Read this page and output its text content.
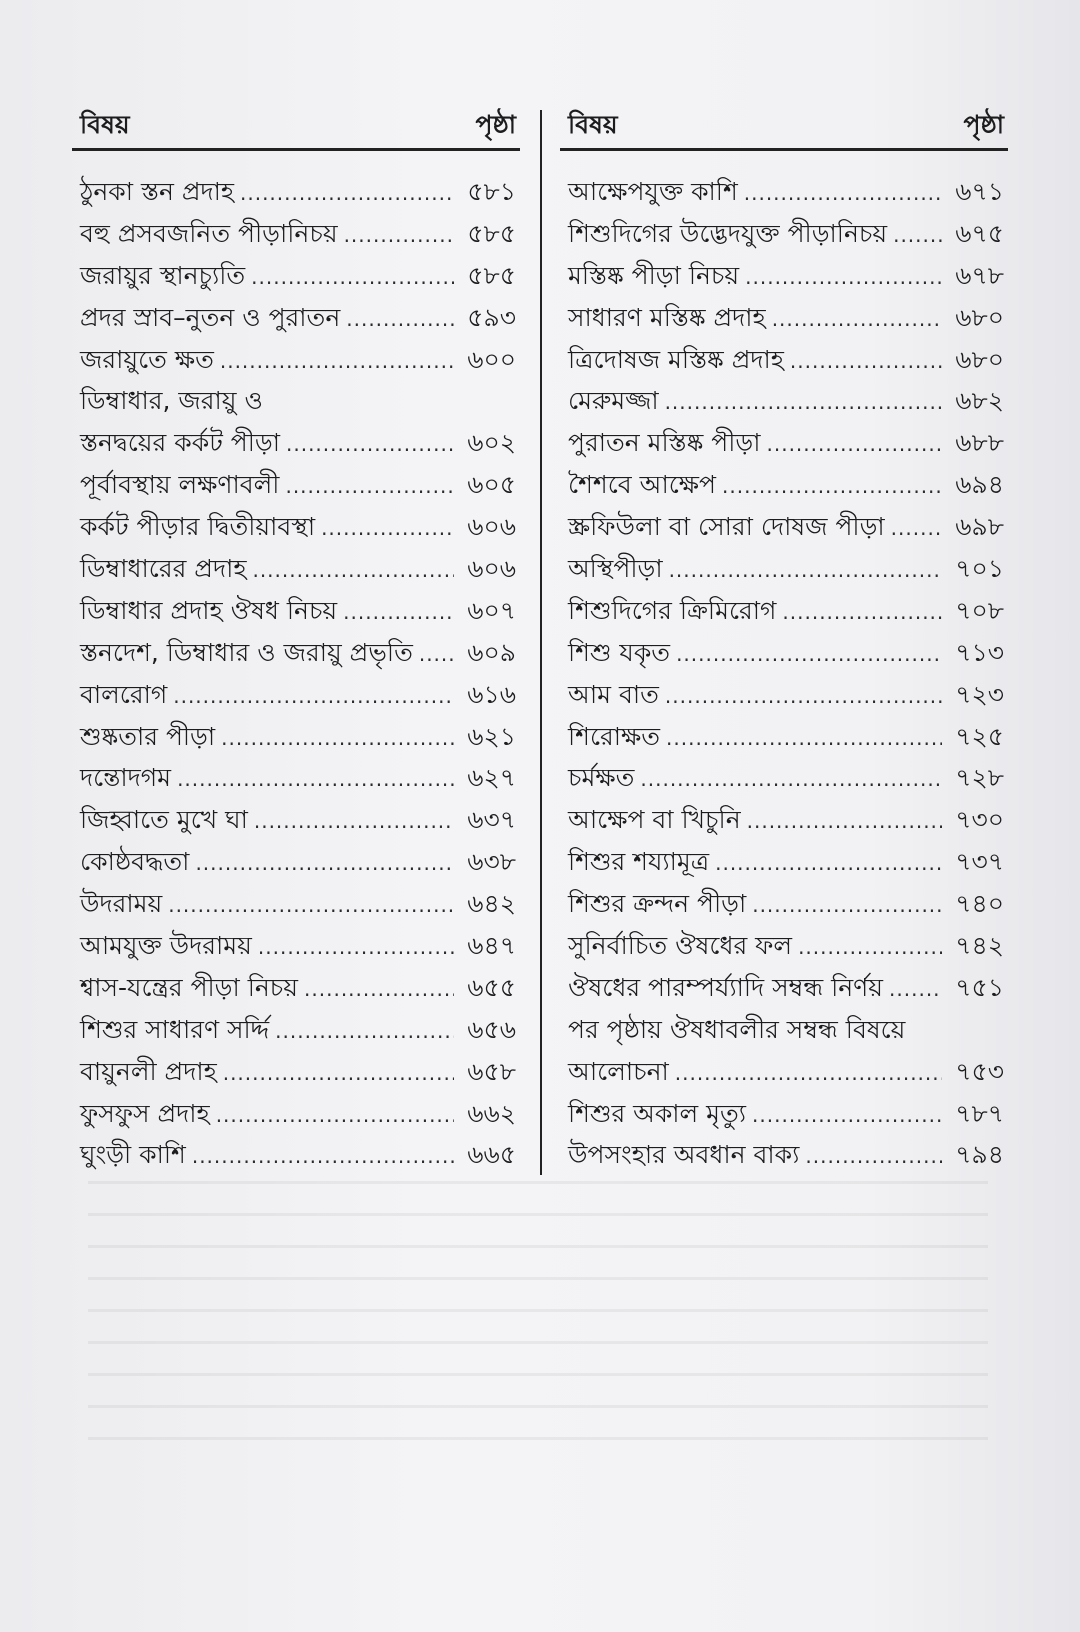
বিষয়	পৃষ্ঠা
ঠুনকা স্তন প্রদাহ .....	৫৮১
বহু প্রসবজনিত পীড়ানিচয় .....	৫৮৫
জরায়ুর স্থানচ্যুতি .....	৫৮৫
প্রদর স্রাব–নুতন ও পুরাতন .....	৫৯৩
জরায়ুতে ক্ষত .....	৬০০
ডিম্বাধার, জরায়ু ও
স্তনদ্বয়ের কর্কট পীড়া .....	৬০২
পূর্বাবস্থায় লক্ষণাবলী .....	৬০৫
কর্কট পীড়ার দ্বিতীয়াবস্থা .....	৬০৬
ডিম্বাধারের প্রদাহ .....	৬০৬
ডিম্বাধার প্রদাহ ঔষধ নিচয় .....	৬০৭
স্তনদেশ, ডিম্বাধার ও জরায়ু প্রভৃতি ..... ৬০৯
বালরোগ .....	৬১৬
শুষ্কতার পীড়া .....	৬২১
দন্তোদগম .....	৬২৭
জিহ্বাতে মুখে ঘা .....	৬৩৭
কোষ্ঠবদ্ধতা .....	৬৩৮
উদরাময় .....	৬৪২
আমযুক্ত উদরাময় .....	৬৪৭
শ্বাস-যন্ত্রের পীড়া নিচয় .....	৬৫৫
শিশুর সাধারণ সর্দ্দি .....	৬৫৬
বায়ুনলী প্রদাহ .....	৬৫৮
ফুসফুস প্রদাহ .....	৬৬২
ঘুংড়ী কাশি .....	৬৬৫
বিষয়	পৃষ্ঠা
আক্ষেপযুক্ত কাশি .....	৬৭১
শিশুদিগের উদ্ভেদযুক্ত পীড়ানিচয় .....	৬৭৫
মস্তিষ্ক পীড়া নিচয় .....	৬৭৮
সাধারণ মস্তিষ্ক প্রদাহ .....	৬৮০
ত্রিদোষজ মস্তিষ্ক প্রদাহ .....	৬৮০
মেরুমজ্জা .....	৬৮২
পুরাতন মস্তিষ্ক পীড়া .....	৬৮৮
শৈশবে আক্ষেপ .....	৬৯৪
স্ক্রফিউলা বা সোরা দোষজ পীড়া .....	৬৯৮
অস্থিপীড়া .....	৭০১
শিশুদিগের ক্রিমিরোগ .....	৭০৮
শিশু যকৃত .....	৭১৩
আম বাত .....	৭২৩
শিরোক্ষত .....	৭২৫
চর্মক্ষত .....	৭২৮
আক্ষেপ বা খিচুনি .....	৭৩০
শিশুর শয্যামূত্র .....	৭৩৭
শিশুর ক্রন্দন পীড়া .....	৭৪০
সুনির্বাচিত ঔষধের ফল .....	৭৪২
ঔষধের পারম্পর্য্যাদি সম্বন্ধ নির্ণয় .....	৭৫১
পর পৃষ্ঠায় ঔষধাবলীর সম্বন্ধ বিষয়ে
আলোচনা .....	৭৫৩
শিশুর অকাল মৃত্যু .....	৭৮৭
উপসংহার অবধান বাক্য .....	৭৯৪
